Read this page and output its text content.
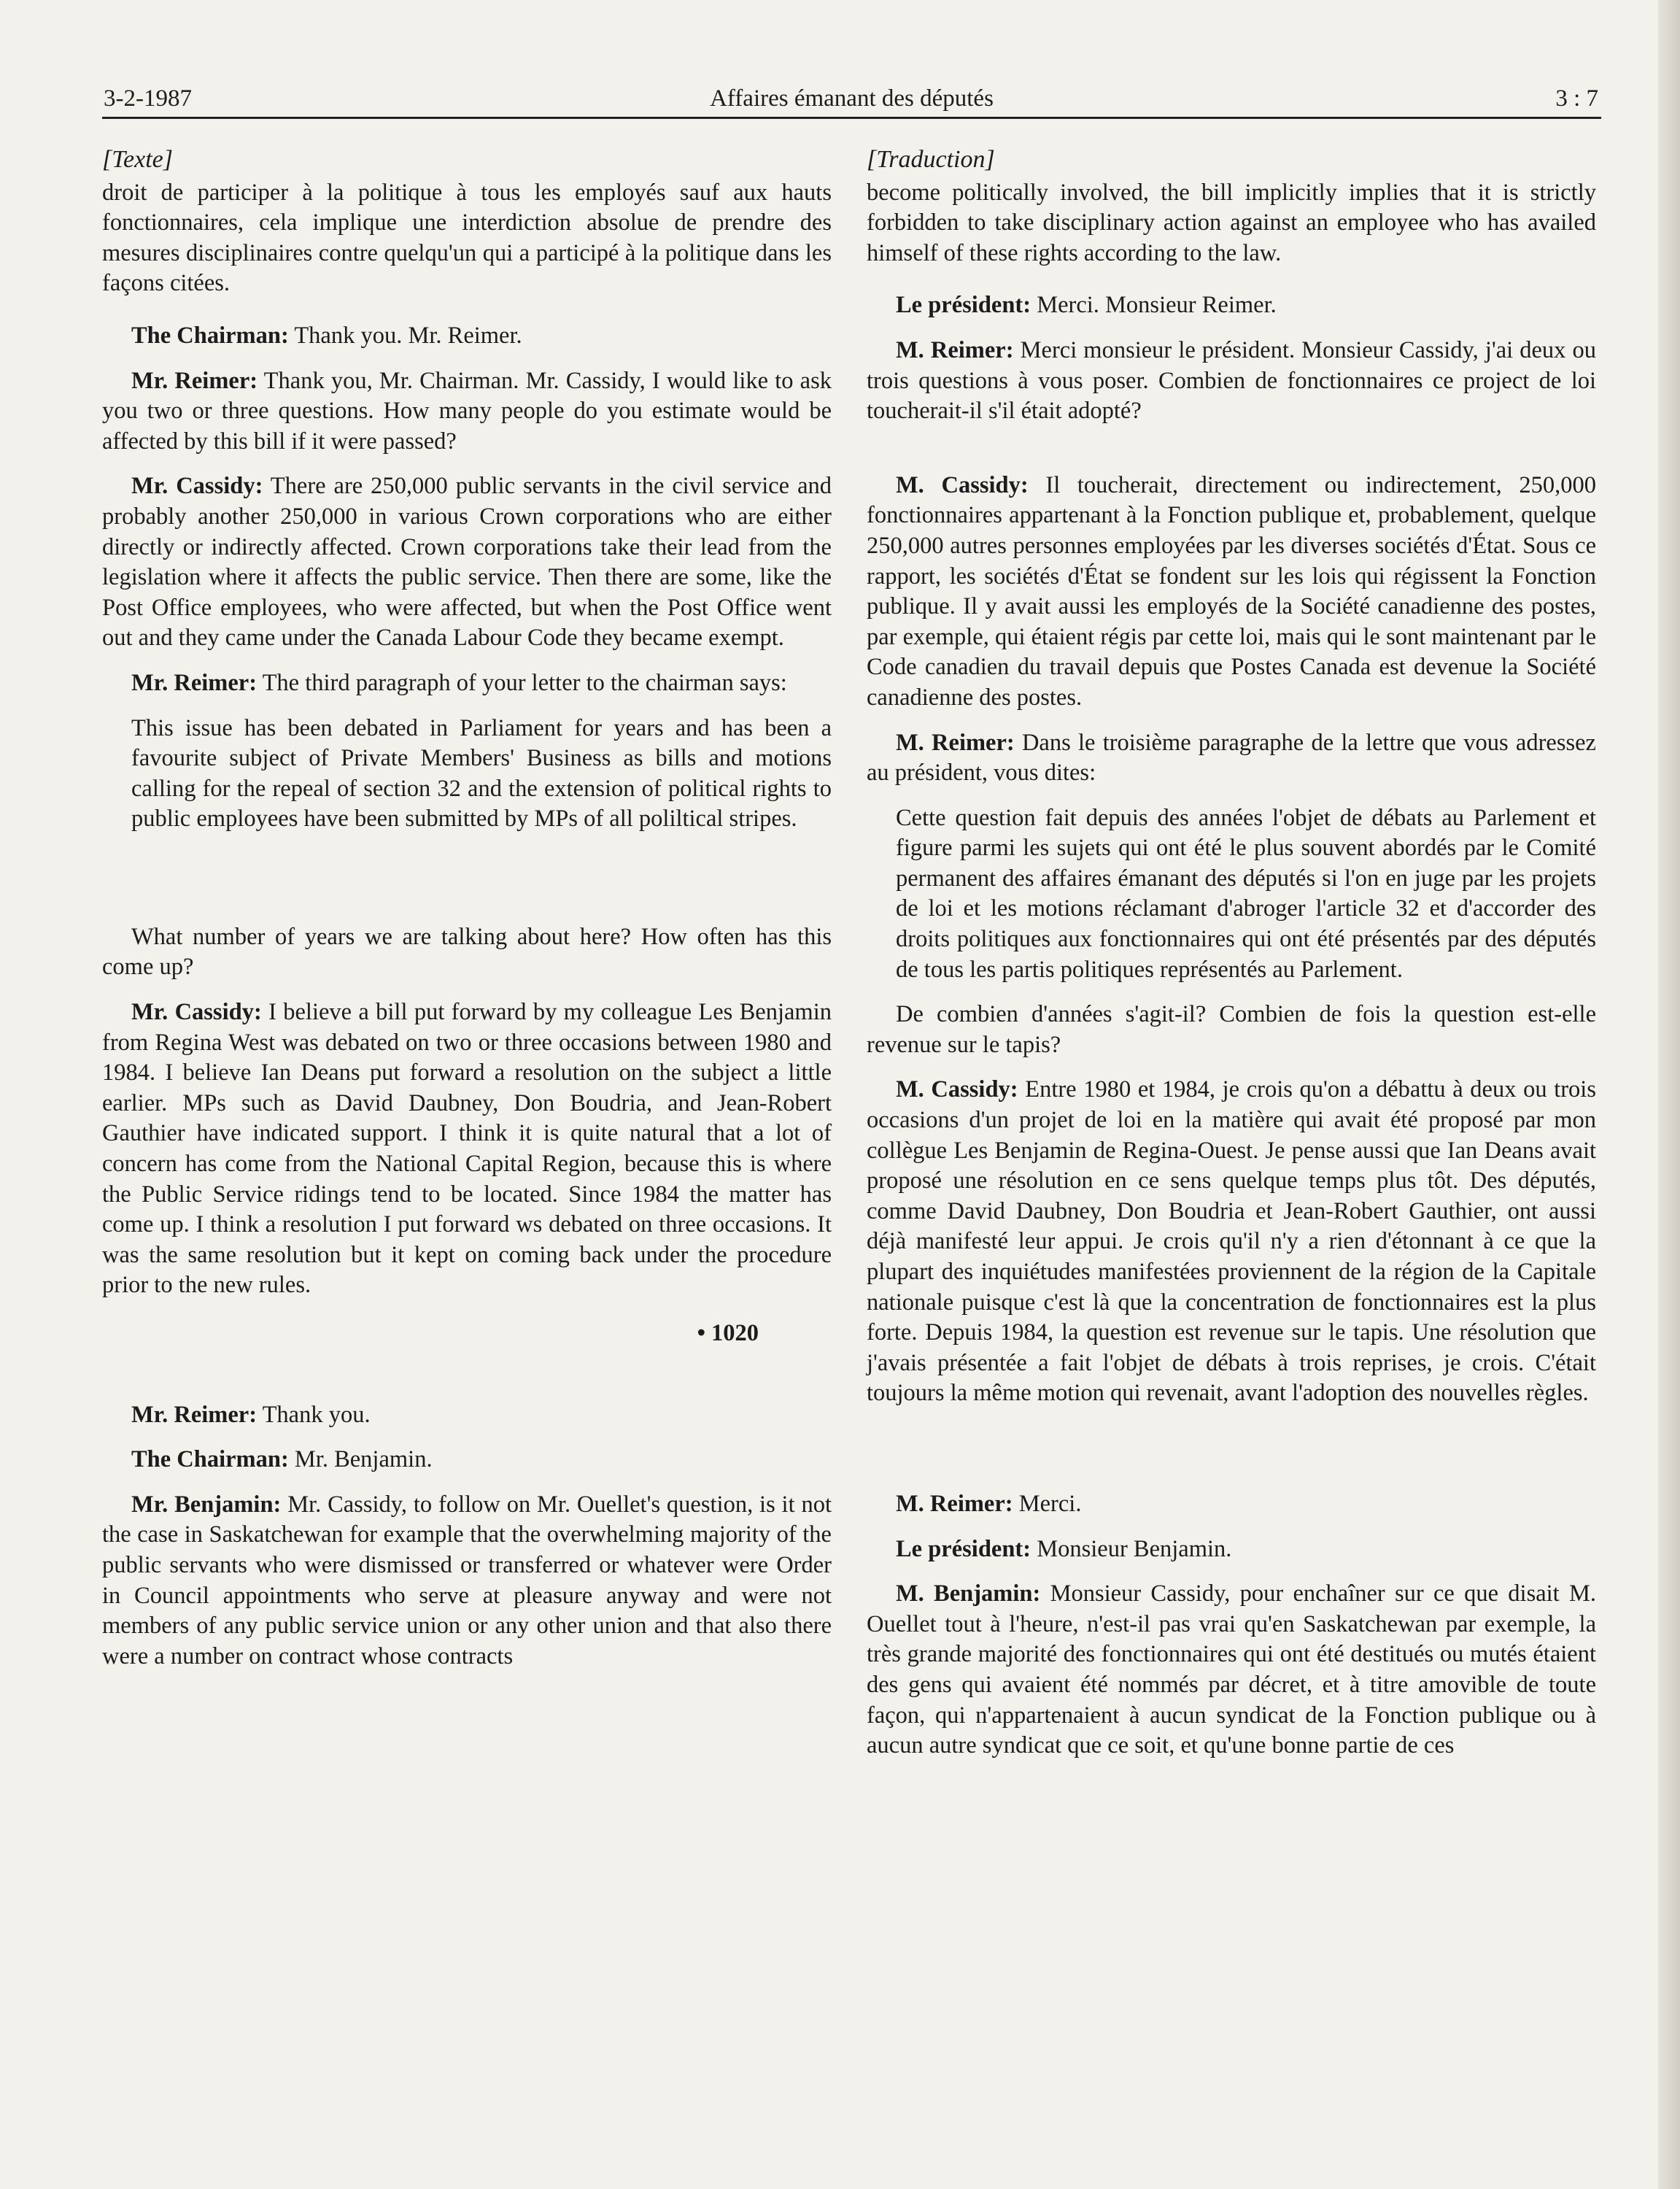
3-2-1987	Affaires émanant des députés	3 : 7
[Texte]

droit de participer à la politique à tous les employés sauf aux hauts fonctionnaires, cela implique une interdiction absolue de prendre des mesures disciplinaires contre quelqu'un qui a participé à la politique dans les façons citées.

The Chairman: Thank you. Mr. Reimer.

Mr. Reimer: Thank you, Mr. Chairman. Mr. Cassidy, I would like to ask you two or three questions. How many people do you estimate would be affected by this bill if it were passed?

Mr. Cassidy: There are 250,000 public servants in the civil service and probably another 250,000 in various Crown corporations who are either directly or indirectly affected. Crown corporations take their lead from the legislation where it affects the public service. Then there are some, like the Post Office employees, who were affected, but when the Post Office went out and they came under the Canada Labour Code they became exempt.

Mr. Reimer: The third paragraph of your letter to the chairman says:

This issue has been debated in Parliament for years and has been a favourite subject of Private Members' Business as bills and motions calling for the repeal of section 32 and the extension of political rights to public employees have been submitted by MPs of all poliltical stripes.

What number of years we are talking about here? How often has this come up?

Mr. Cassidy: I believe a bill put forward by my colleague Les Benjamin from Regina West was debated on two or three occasions between 1980 and 1984. I believe Ian Deans put forward a resolution on the subject a little earlier. MPs such as David Daubney, Don Boudria, and Jean-Robert Gauthier have indicated support. I think it is quite natural that a lot of concern has come from the National Capital Region, because this is where the Public Service ridings tend to be located. Since 1984 the matter has come up. I think a resolution I put forward ws debated on three occasions. It was the same resolution but it kept on coming back under the procedure prior to the new rules.

• 1020

Mr. Reimer: Thank you.

The Chairman: Mr. Benjamin.

Mr. Benjamin: Mr. Cassidy, to follow on Mr. Ouellet's question, is it not the case in Saskatchewan for example that the overwhelming majority of the public servants who were dismissed or transferred or whatever were Order in Council appointments who serve at pleasure anyway and were not members of any public service union or any other union and that also there were a number on contract whose contracts

[Traduction]

become politically involved, the bill implicitly implies that it is strictly forbidden to take disciplinary action against an employee who has availed himself of these rights according to the law.

Le président: Merci. Monsieur Reimer.

M. Reimer: Merci monsieur le président. Monsieur Cassidy, j'ai deux ou trois questions à vous poser. Combien de fonctionnaires ce project de loi toucherait-il s'il était adopté?

M. Cassidy: Il toucherait, directement ou indirectement, 250,000 fonctionnaires appartenant à la Fonction publique et, probablement, quelque 250,000 autres personnes employées par les diverses sociétés d'État. Sous ce rapport, les sociétés d'État se fondent sur les lois qui régissent la Fonction publique. Il y avait aussi les employés de la Société canadienne des postes, par exemple, qui étaient régis par cette loi, mais qui le sont maintenant par le Code canadien du travail depuis que Postes Canada est devenue la Société canadienne des postes.

M. Reimer: Dans le troisième paragraphe de la lettre que vous adressez au président, vous dites:

Cette question fait depuis des années l'objet de débats au Parlement et figure parmi les sujets qui ont été le plus souvent abordés par le Comité permanent des affaires émanant des députés si l'on en juge par les projets de loi et les motions réclamant d'abroger l'article 32 et d'accorder des droits politiques aux fonctionnaires qui ont été présentés par des députés de tous les partis politiques représentés au Parlement.

De combien d'années s'agit-il? Combien de fois la question est-elle revenue sur le tapis?

M. Cassidy: Entre 1980 et 1984, je crois qu'on a débattu à deux ou trois occasions d'un projet de loi en la matière qui avait été proposé par mon collègue Les Benjamin de Regina-Ouest. Je pense aussi que Ian Deans avait proposé une résolution en ce sens quelque temps plus tôt. Des députés, comme David Daubney, Don Boudria et Jean-Robert Gauthier, ont aussi déjà manifesté leur appui. Je crois qu'il n'y a rien d'étonnant à ce que la plupart des inquiétudes manifestées proviennent de la région de la Capitale nationale puisque c'est là que la concentration de fonctionnaires est la plus forte. Depuis 1984, la question est revenue sur le tapis. Une résolution que j'avais présentée a fait l'objet de débats à trois reprises, je crois. C'était toujours la même motion qui revenait, avant l'adoption des nouvelles règles.

M. Reimer: Merci.

Le président: Monsieur Benjamin.

M. Benjamin: Monsieur Cassidy, pour enchaîner sur ce que disait M. Ouellet tout à l'heure, n'est-il pas vrai qu'en Saskatchewan par exemple, la très grande majorité des fonctionnaires qui ont été destitués ou mutés étaient des gens qui avaient été nommés par décret, et à titre amovible de toute façon, qui n'appartenaient à aucun syndicat de la Fonction publique ou à aucun autre syndicat que ce soit, et qu'une bonne partie de ces
